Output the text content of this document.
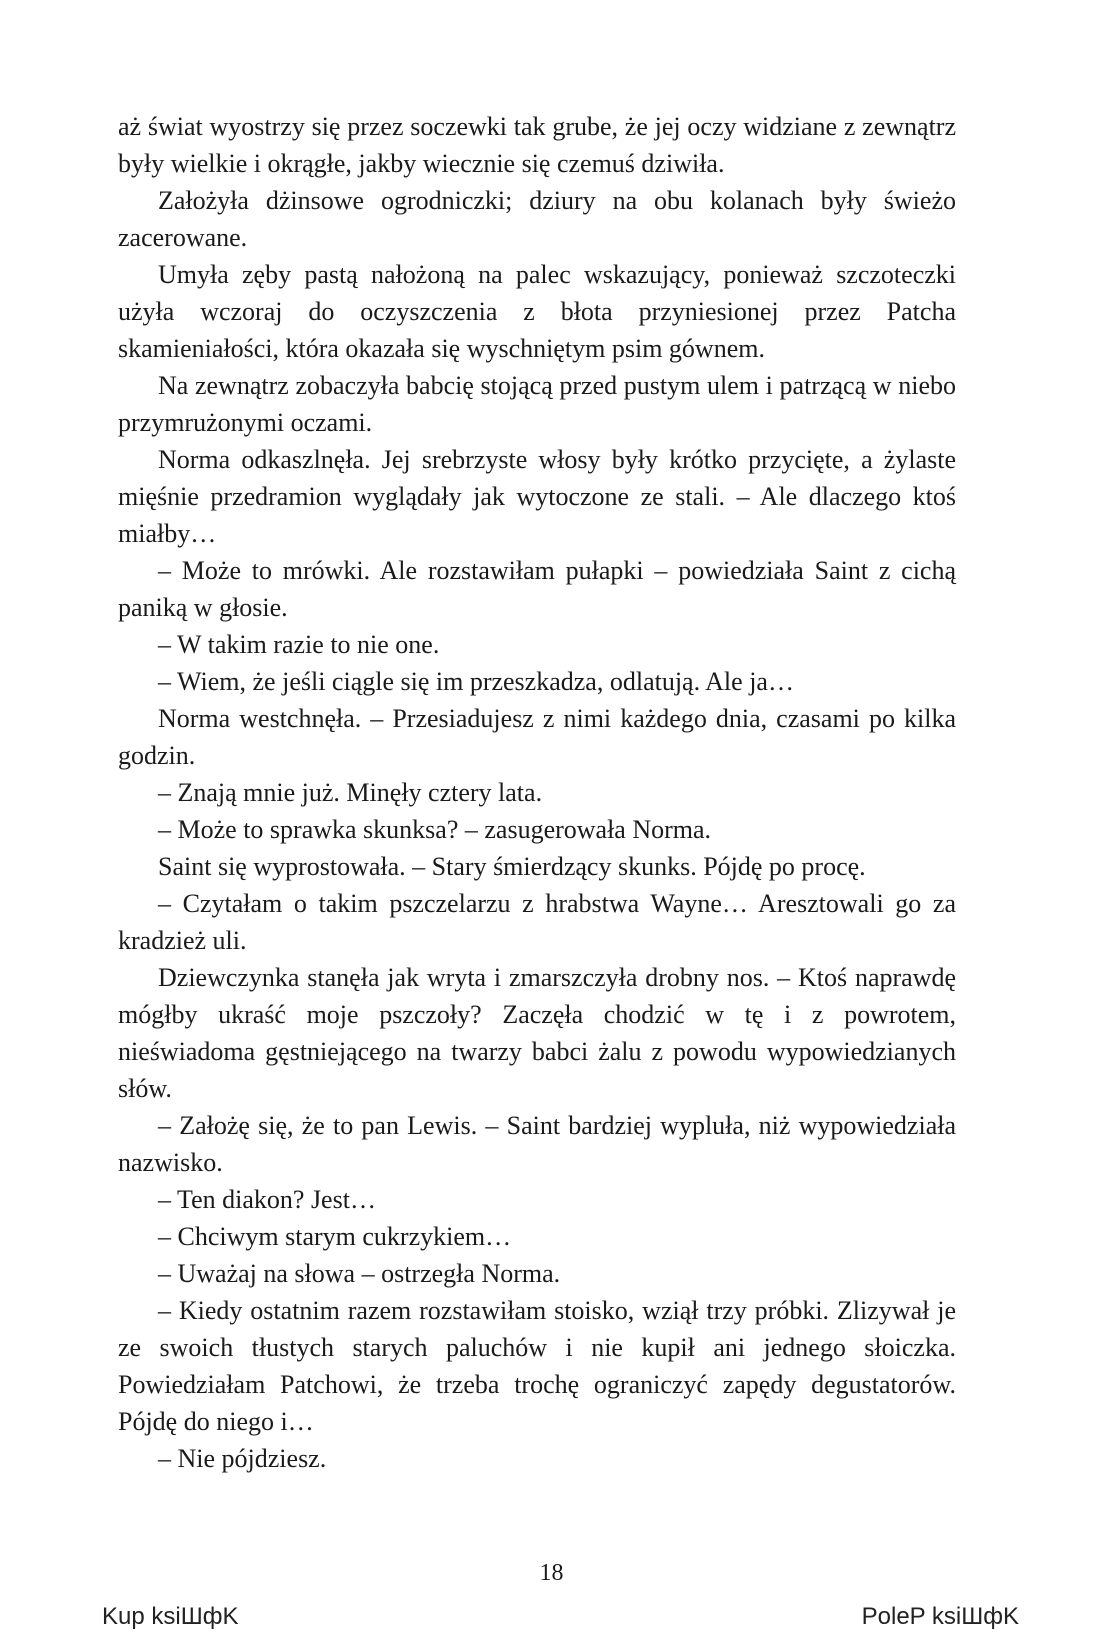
aż świat wyostrzy się przez soczewki tak grube, że jej oczy widziane z zewnątrz były wielkie i okrągłe, jakby wiecznie się czemuś dziwiła.

Założyła dżinsowe ogrodniczki; dziury na obu kolanach były świeżo zacerowane.

Umyła zęby pastą nałożoną na palec wskazujący, ponieważ szczoteczki użyła wczoraj do oczyszczenia z błota przyniesionej przez Patcha skamieniałości, która okazała się wyschniętym psim gównem.

Na zewnątrz zobaczyła babcię stojącą przed pustym ulem i patrzącą w niebo przymrużonymi oczami.

Norma odkaszlnęła. Jej srebrzyste włosy były krótko przycięte, a żylaste mięśnie przedramion wyglądały jak wytoczone ze stali. – Ale dlaczego ktoś miałby…

– Może to mrówki. Ale rozstawiłam pułapki – powiedziała Saint z cichą paniką w głosie.

– W takim razie to nie one.

– Wiem, że jeśli ciągle się im przeszkadza, odlatują. Ale ja…

Norma westchnęła. – Przesiadujesz z nimi każdego dnia, czasami po kilka godzin.

– Znają mnie już. Minęły cztery lata.

– Może to sprawka skunksa? – zasugerowała Norma.

Saint się wyprostowała. – Stary śmierdzący skunks. Pójdę po procę.

– Czytałam o takim pszczelarzu z hrabstwa Wayne… Aresztowali go za kradzież uli.

Dziewczynka stanęła jak wryta i zmarszczyła drobny nos. – Ktoś naprawdę mógłby ukraść moje pszczoły? Zaczęła chodzić w tę i z powrotem, nieświadoma gęstniejącego na twarzy babci żalu z powodu wypowiedzianych słów.

– Założę się, że to pan Lewis. – Saint bardziej wypluła, niż wypowiedziała nazwisko.

– Ten diakon? Jest…

– Chciwym starym cukrzykiem…

– Uważaj na słowa – ostrzegła Norma.

– Kiedy ostatnim razem rozstawiłam stoisko, wziął trzy próbki. Zlizywał je ze swoich tłustych starych paluchów i nie kupił ani jednego słoiczka. Powiedziałam Patchowi, że trzeba trochę ograniczyć zapędy degustatorów. Pójdę do niego i…

– Nie pójdziesz.

18
Kup ksiШфK	PoleP ksiШфK
